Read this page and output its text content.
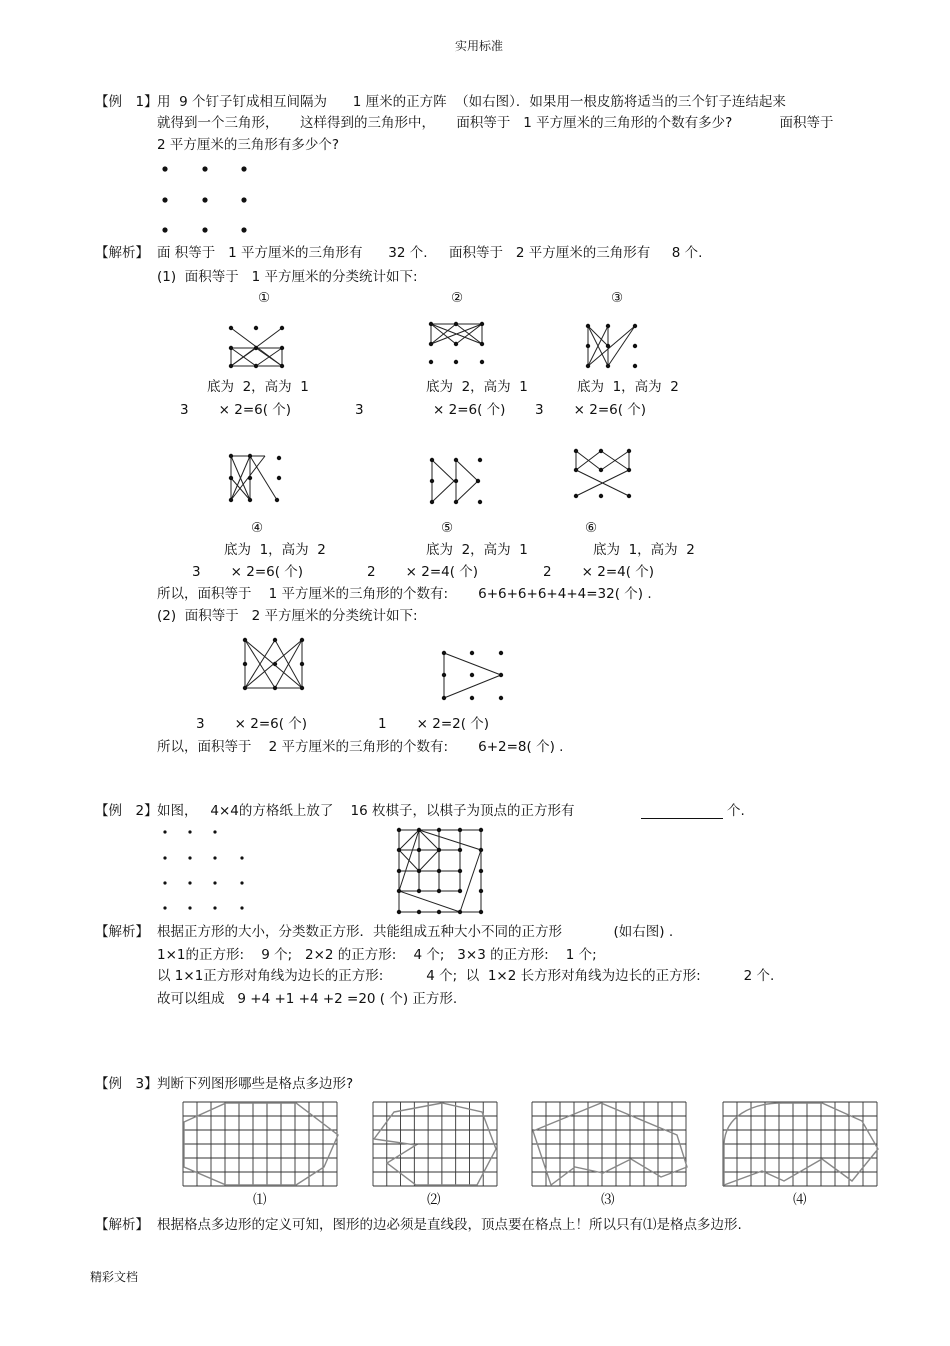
实用标准
【例　1】 用  9 个钉子钉成相互间隔为      1 厘米的正方阵  （如右图）．如果用一根皮筋将适当的三个钉子连结起来
就得到一个三角形，     这样得到的三角形中，     面积等于   1 平方厘米的三角形的个数有多少?           面积等于
2 平方厘米的三角形有多少个?
【解析】 面 积等于   1 平方厘米的三角形有      32 个.     面积等于   2 平方厘米的三角形有     8 个.
(1)  面积等于   1 平方厘米的分类统计如下:
①	②	③
底为  2，高为  1	底为  2，高为  1	底为  1，高为  2
3       × 2=6( 个)	3	× 2=6( 个) 3       × 2=6( 个)
④	⑤	⑥
底为  1，高为  2	底为  2，高为  1	底为  1，高为  2
3       × 2=6( 个)	2       × 2=4( 个)	2       × 2=4( 个)
所以，面积等于    1 平方厘米的三角形的个数有:       6+6+6+6+4+4=32( 个) .
(2)  面积等于   2 平方厘米的分类统计如下:
3       × 2=6( 个)	1       × 2=2( 个)
所以，面积等于    2 平方厘米的三角形的个数有:       6+2=8( 个) .
【例　2】 如图，   4×4的方格纸上放了    16 枚棋子，以棋子为顶点的正方形有	个.
【解析】 根据正方形的大小，分类数正方形．共能组成五种大小不同的正方形            (如右图) .
1×1的正方形:    9 个;   2×2 的正方形:    4 个;   3×3 的正方形:    1 个;
以 1×1正方形对角线为边长的正方形:          4 个;  以  1×2 长方形对角线为边长的正方形:          2 个.
故可以组成   9 +4 +1 +4 +2 =20 ( 个) 正方形.
【例　3】 判断下列图形哪些是格点多边形?
⑴	⑵	⑶	⑷
【解析】 根据格点多边形的定义可知，图形的边必须是直线段，顶点要在格点上！所以只有⑴是格点多边形.
精彩文档
